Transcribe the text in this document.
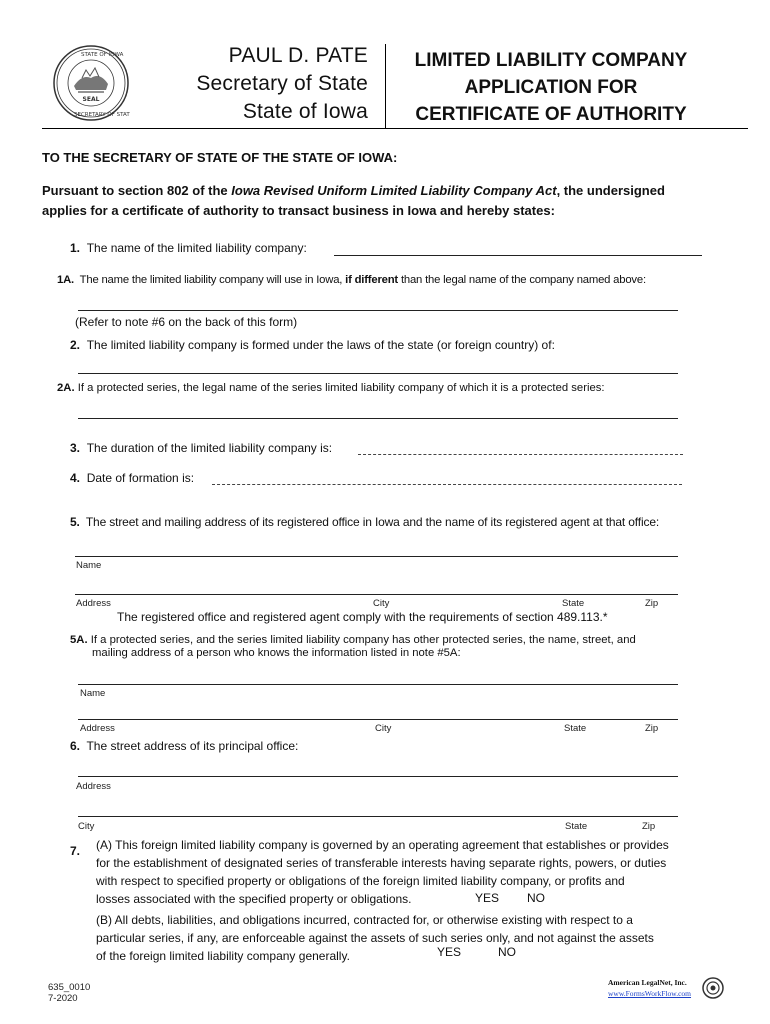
STATE OF IOWA
SECRETARY OF STATE
SEAL
PAUL D. PATE
Secretary of State
State of Iowa
LIMITED LIABILITY COMPANY
APPLICATION FOR
CERTIFICATE OF AUTHORITY
TO THE SECRETARY OF STATE OF THE STATE OF IOWA:
Pursuant to section 802 of the Iowa Revised Uniform Limited Liability Company Act, the undersigned
applies for a certificate of authority to transact business in Iowa and hereby states:
1. The name of the limited liability company:
1A. The name the limited liability company will use in Iowa, if different than the legal name of the company named above:
(Refer to note #6 on the back of this form)
2. The limited liability company is formed under the laws of the state (or foreign country) of:
2A. If a protected series, the legal name of the series limited liability company of which it is a protected series:
3. The duration of the limited liability company is:
4. Date of formation is:
5. The street and mailing address of its registered office in Iowa and the name of its registered agent at that office:
Name
Address	City	State	Zip
The registered office and registered agent comply with the requirements of section 489.113.*
5A. If a protected series, and the series limited liability company has other protected series, the name, street, and
mailing address of a person who knows the information listed in note #5A:
Name
Address	City	State	Zip
6. The street address of its principal office:
Address
City	State	Zip
7. (A) This foreign limited liability company is governed by an operating agreement that establishes or provides
for the establishment of designated series of transferable interests having separate rights, powers, or duties
with respect to specified property or obligations of the foreign limited liability company, or profits and
losses associated with the specified property or obligations.	YES NO
(B) All debts, liabilities, and obligations incurred, contracted for, or otherwise existing with respect to a
particular series, if any, are enforceable against the assets of such series only, and not against the assets
of the foreign limited liability company generally.	YES	NO
635_0010
7-2020
American LegalNet, Inc.
www.FormsWorkFlow.com
